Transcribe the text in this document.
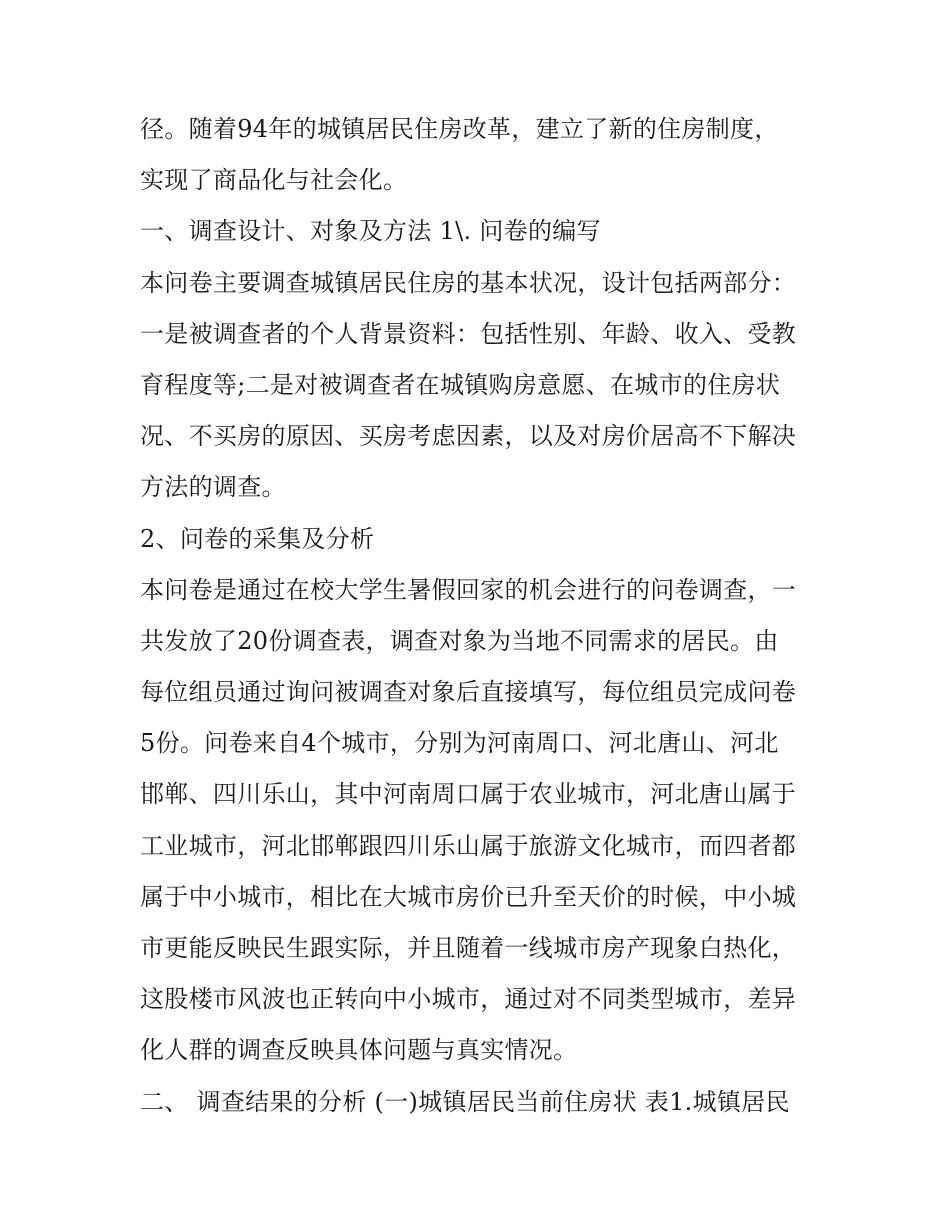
径。随着94年的城镇居民住房改革，建立了新的住房制度，
实现了商品化与社会化。
一、调查设计、对象及方法 1\. 问卷的编写
本问卷主要调查城镇居民住房的基本状况，设计包括两部分：
一是被调查者的个人背景资料：包括性别、年龄、收入、受教
育程度等;二是对被调查者在城镇购房意愿、在城市的住房状
况、不买房的原因、买房考虑因素，以及对房价居高不下解决
方法的调查。
2、问卷的采集及分析
本问卷是通过在校大学生暑假回家的机会进行的问卷调查，一
共发放了20份调查表，调查对象为当地不同需求的居民。由
每位组员通过询问被调查对象后直接填写，每位组员完成问卷
5份。问卷来自4个城市，分别为河南周口、河北唐山、河北
邯郸、四川乐山，其中河南周口属于农业城市，河北唐山属于
工业城市，河北邯郸跟四川乐山属于旅游文化城市，而四者都
属于中小城市，相比在大城市房价已升至天价的时候，中小城
市更能反映民生跟实际，并且随着一线城市房产现象白热化，
这股楼市风波也正转向中小城市，通过对不同类型城市，差异
化人群的调查反映具体问题与真实情况。
二、 调查结果的分析 (一)城镇居民当前住房状 表1.城镇居民
